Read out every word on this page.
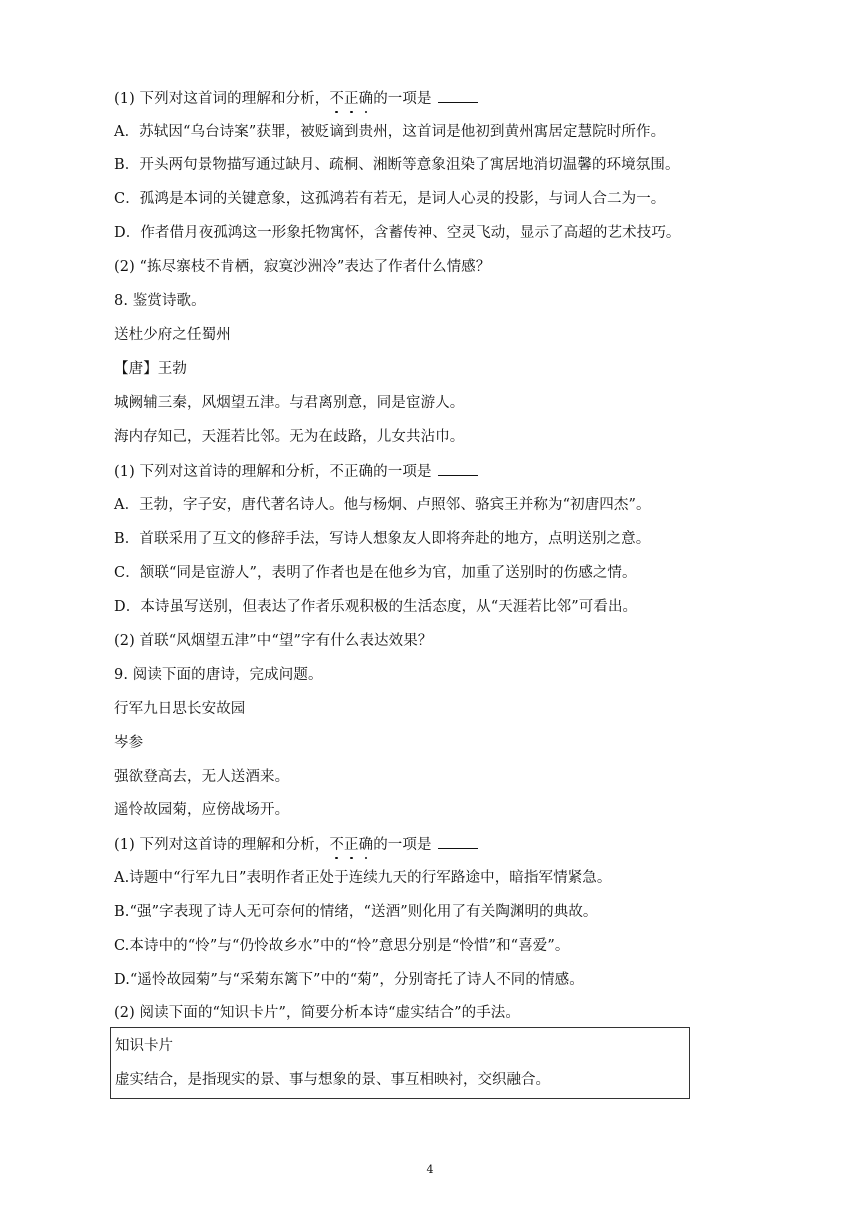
(1) 下列对这首词的理解和分析，不正确的一项是
A．苏轼因“乌台诗案”获罪，被贬谪到贵州，这首词是他初到黄州寓居定慧院时所作。
B．开头两句景物描写通过缺月、疏桐、湘断等意象沮染了寓居地消切温馨的环境氛围。
C．孤鸿是本词的关键意象，这孤鸿若有若无，是词人心灵的投影，与词人合二为一。
D．作者借月夜孤鸿这一形象托物寓怀，含蓄传神、空灵飞动，显示了高超的艺术技巧。
(2) “拣尽寨枝不肯栖，寂寞沙洲冷”表达了作者什么情感？
8. 鉴赏诗歌。
送杜少府之任蜀州
【唐】王勃
城阙辅三秦，风烟望五津。与君离别意，同是宦游人。
海内存知己，天涯若比邻。无为在歧路，儿女共沾巾。
(1) 下列对这首诗的理解和分析，不正确的一项是
A．王勃，字子安，唐代著名诗人。他与杨炯、卢照邻、骆宾王并称为“初唐四杰”。
B．首联采用了互文的修辞手法，写诗人想象友人即将奔赴的地方，点明送别之意。
C．颔联“同是宦游人”，表明了作者也是在他乡为官，加重了送别时的伤感之情。
D．本诗虽写送别，但表达了作者乐观积极的生活态度，从“天涯若比邻”可看出。
(2) 首联“风烟望五津”中“望”字有什么表达效果？
9. 阅读下面的唐诗，完成问题。
行军九日思长安故园
岑参
强欲登高去，无人送酒来。
遥怜故园菊，应傍战场开。
(1) 下列对这首诗的理解和分析，不正确的一项是
A.诗题中“行军九日”表明作者正处于连续九天的行军路途中，暗指军情紧急。
B.“强”字表现了诗人无可奈何的情绪，“送酒”则化用了有关陶渊明的典故。
C.本诗中的“怜”与“仍怜故乡水”中的“怜”意思分别是“怜惜”和“喜爱”。
D.“遥怜故园菊”与“采菊东篱下”中的“菊”，分别寄托了诗人不同的情感。
(2) 阅读下面的“知识卡片”，简要分析本诗“虚实结合”的手法。
知识卡片
虚实结合，是指现实的景、事与想象的景、事互相映衬，交织融合。
4
